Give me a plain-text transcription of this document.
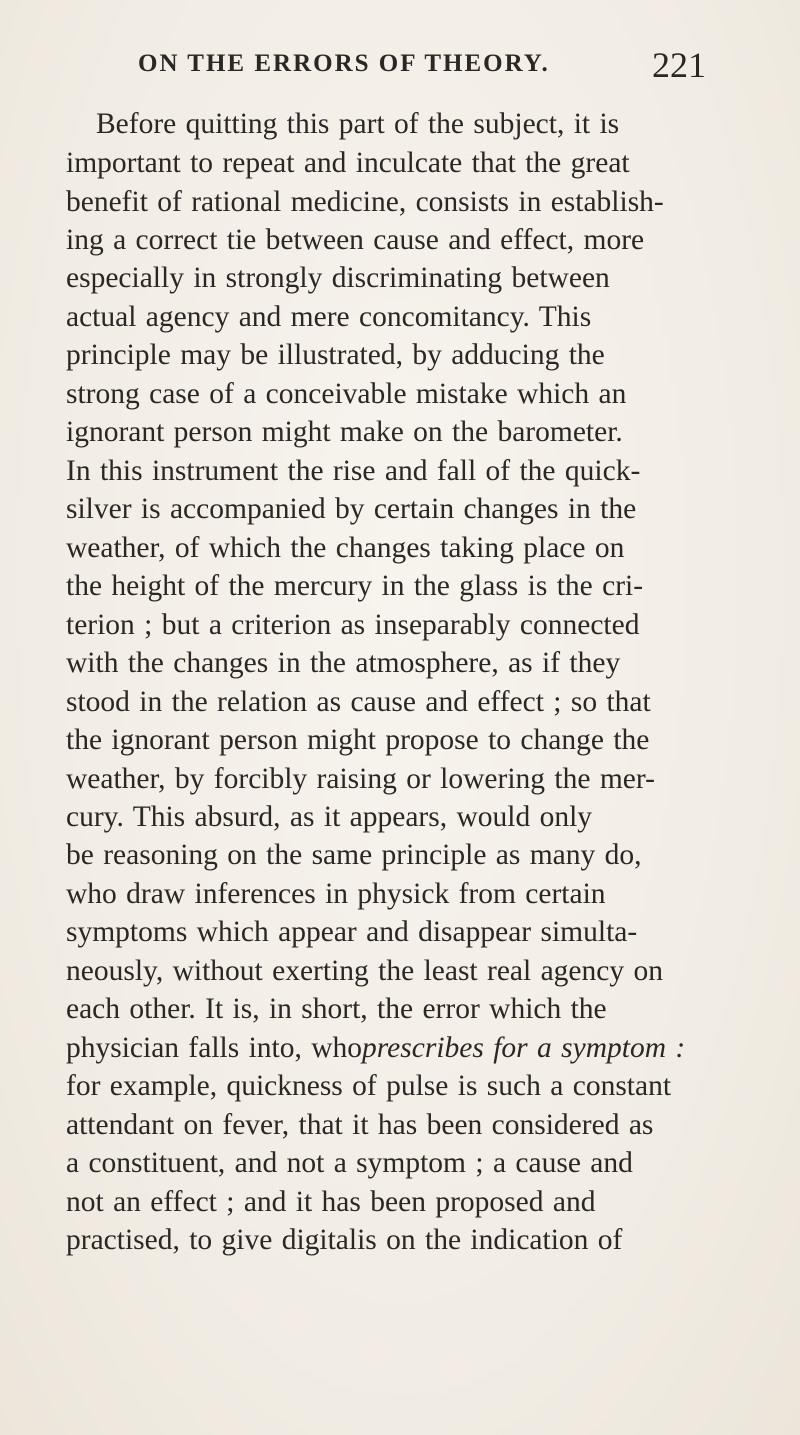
ON THE ERRORS OF THEORY.	221
Before quitting this part of the subject, it is
important to repeat and inculcate that the great
benefit of rational medicine, consists in establish-
ing a correct tie between cause and effect, more
especially in strongly discriminating between
actual agency and mere concomitancy. This
principle may be illustrated, by adducing the
strong case of a conceivable mistake which an
ignorant person might make on the barometer.
In this instrument the rise and fall of the quick-
silver is accompanied by certain changes in the
weather, of which the changes taking place on
the height of the mercury in the glass is the cri-
terion ; but a criterion as inseparably connected
with the changes in the atmosphere, as if they
stood in the relation as cause and effect ; so that
the ignorant person might propose to change the
weather, by forcibly raising or lowering the mer-
cury. This absurd, as it appears, would only
be reasoning on the same principle as many do,
who draw inferences in physick from certain
symptoms which appear and disappear simulta-
neously, without exerting the least real agency on
each other. It is, in short, the error which the
physician falls into, whoprescribes for a symptom :
for example, quickness of pulse is such a constant
attendant on fever, that it has been considered as
a constituent, and not a symptom ; a cause and
not an effect ; and it has been proposed and
practised, to give digitalis on the indication of
